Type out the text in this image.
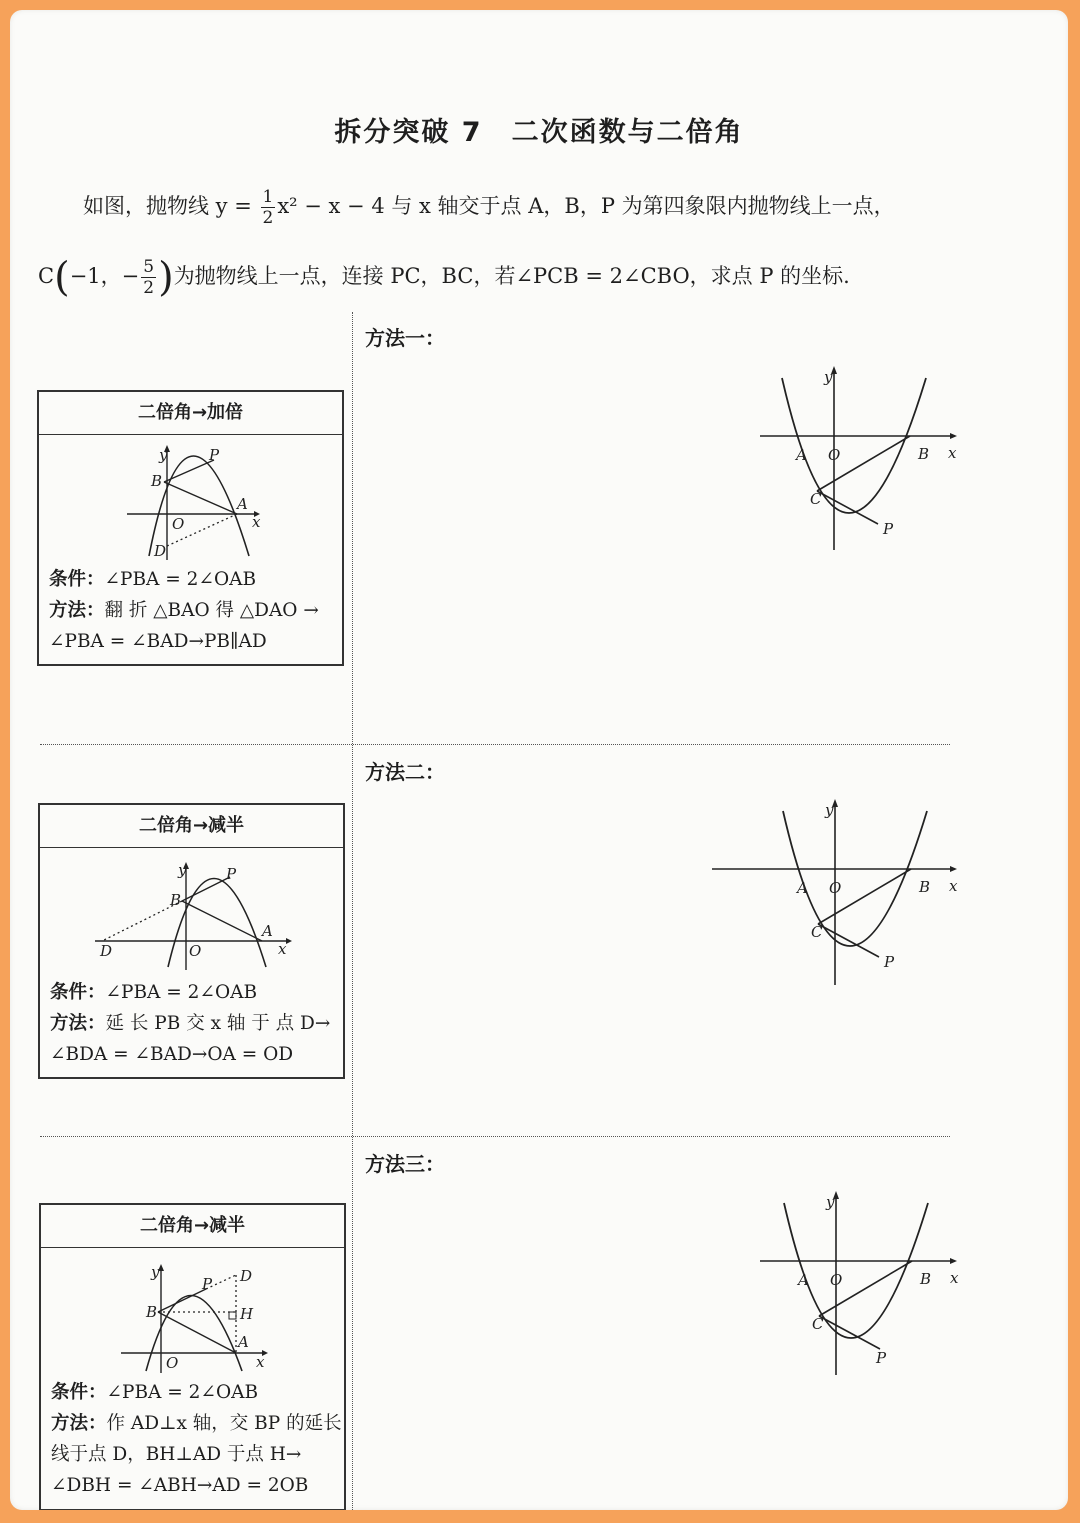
拆分突破 7　二次函数与二倍角
如图，抛物线 $y = \frac{1}{2} x^2 - x - 4$ 与 x 轴交于点 A，B，P 为第四象限内抛物线上一点，
C(−1，− $\frac{5}{2}$ )为抛物线上一点，连接 PC，BC，若∠PCB = 2∠CBO，求点 P 的坐标.
方法一：
方法二：
方法三：
y
x
A O	B
C
P
y
x
A O	B
C
P
y
x
A O	B
C
P
二倍角→加倍
y
B
P
A
x
O
D
条件：∠PBA = 2∠OAB
方法：翻 折 △BAO 得 △DAO →
∠PBA = ∠BAD→PB∥AD
二倍角→减半
y
B
P
A
x
O
D
条件：∠PBA = 2∠OAB
方法：延 长 PB 交 x 轴 于 点 D→
∠BDA = ∠BAD→OA = OD
二倍角→减半
y
B
P D
H
A
x
O
条件：∠PBA = 2∠OAB
方法：作 AD⊥x 轴，交 BP 的延长
线于点 D，BH⊥AD 于点 H→
∠DBH = ∠ABH→AD = 2OB
